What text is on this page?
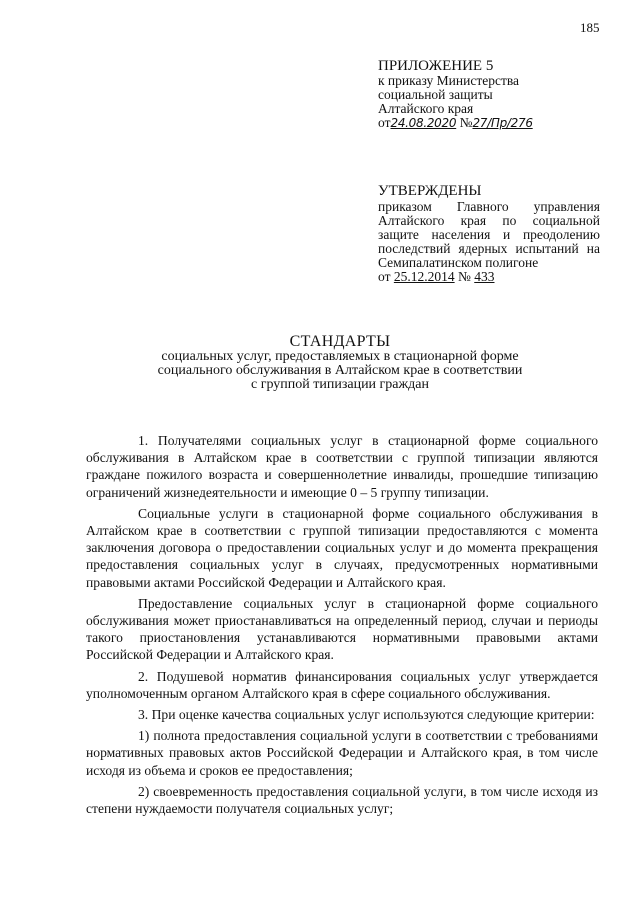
185
ПРИЛОЖЕНИЕ 5
к приказу Министерства
социальной защиты
Алтайского края
от24.08.2020 №27/Пр/276
УТВЕРЖДЕНЫ
приказом Главного управления Алтайского края по социальной защите населения и преодолению последствий ядерных испытаний на Семипалатинском полигоне
от 25.12.2014 № 433
СТАНДАРТЫ
социальных услуг, предоставляемых в стационарной форме
социального обслуживания в Алтайском крае в соответствии
с группой типизации граждан

1. Получателями социальных услуг в стационарной форме социального обслуживания в Алтайском крае в соответствии с группой типизации являются граждане пожилого возраста и совершеннолетние инвалиды, прошедшие типизацию ограничений жизнедеятельности и имеющие 0 – 5 группу типизации.

Социальные услуги в стационарной форме социального обслуживания в Алтайском крае в соответствии с группой типизации предоставляются с момента заключения договора о предоставлении социальных услуг и до момента прекращения предоставления социальных услуг в случаях, предусмотренных нормативными правовыми актами Российской Федерации и Алтайского края.

Предоставление социальных услуг в стационарной форме социального обслуживания может приостанавливаться на определенный период, случаи и периоды такого приостановления устанавливаются нормативными правовыми актами Российской Федерации и Алтайского края.

2. Подушевой норматив финансирования социальных услуг утверждается уполномоченным органом Алтайского края в сфере социального обслуживания.

3. При оценке качества социальных услуг используются следующие критерии:

1) полнота предоставления социальной услуги в соответствии с требованиями нормативных правовых актов Российской Федерации и Алтайского края, в том числе исходя из объема и сроков ее предоставления;

2) своевременность предоставления социальной услуги, в том числе исходя из степени нуждаемости получателя социальных услуг;
